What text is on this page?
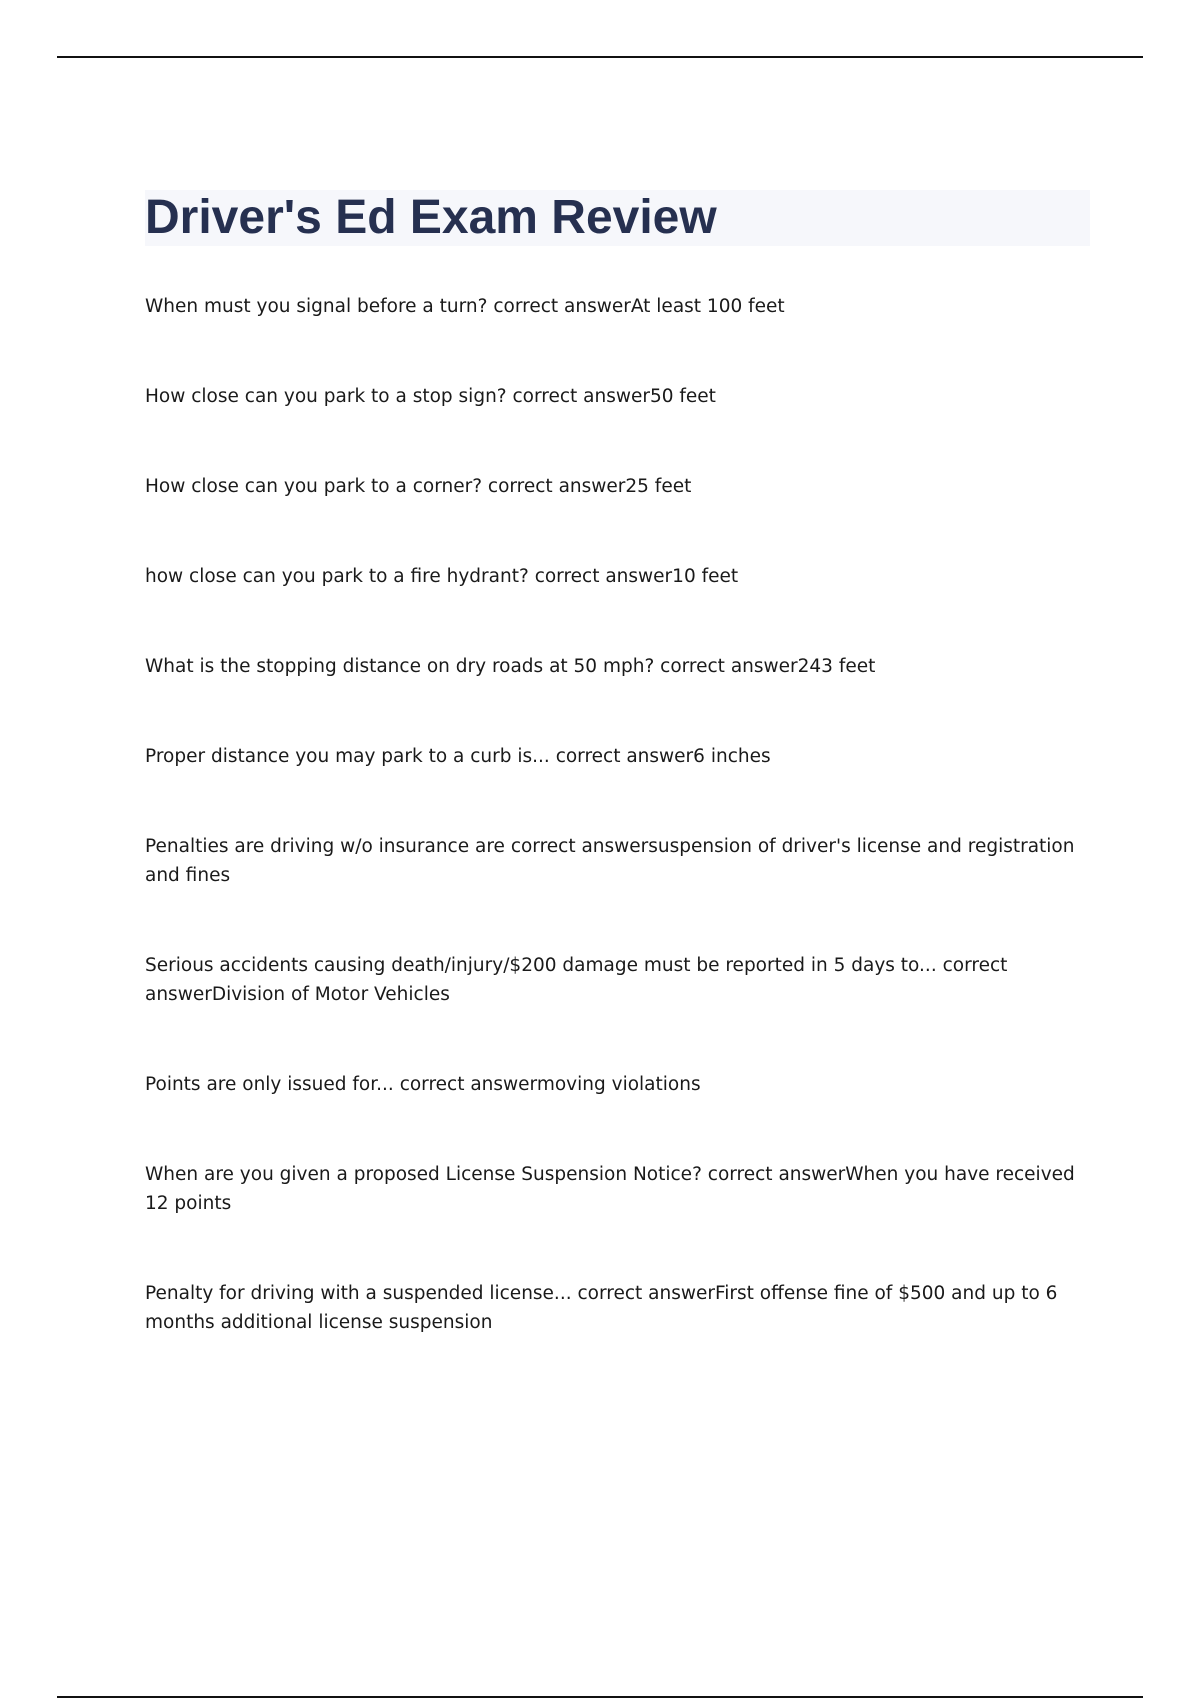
Driver's Ed Exam Review
When must you signal before a turn? correct answerAt least 100 feet
How close can you park to a stop sign? correct answer50 feet
How close can you park to a corner? correct answer25 feet
how close can you park to a fire hydrant? correct answer10 feet
What is the stopping distance on dry roads at 50 mph? correct answer243 feet
Proper distance you may park to a curb is... correct answer6 inches
Penalties are driving w/o insurance are correct answersuspension of driver's license and registration and fines
Serious accidents causing death/injury/$200 damage must be reported in 5 days to... correct answerDivision of Motor Vehicles
Points are only issued for... correct answermoving violations
When are you given a proposed License Suspension Notice? correct answerWhen you have received 12 points
Penalty for driving with a suspended license... correct answerFirst offense fine of $500 and up to 6 months additional license suspension
